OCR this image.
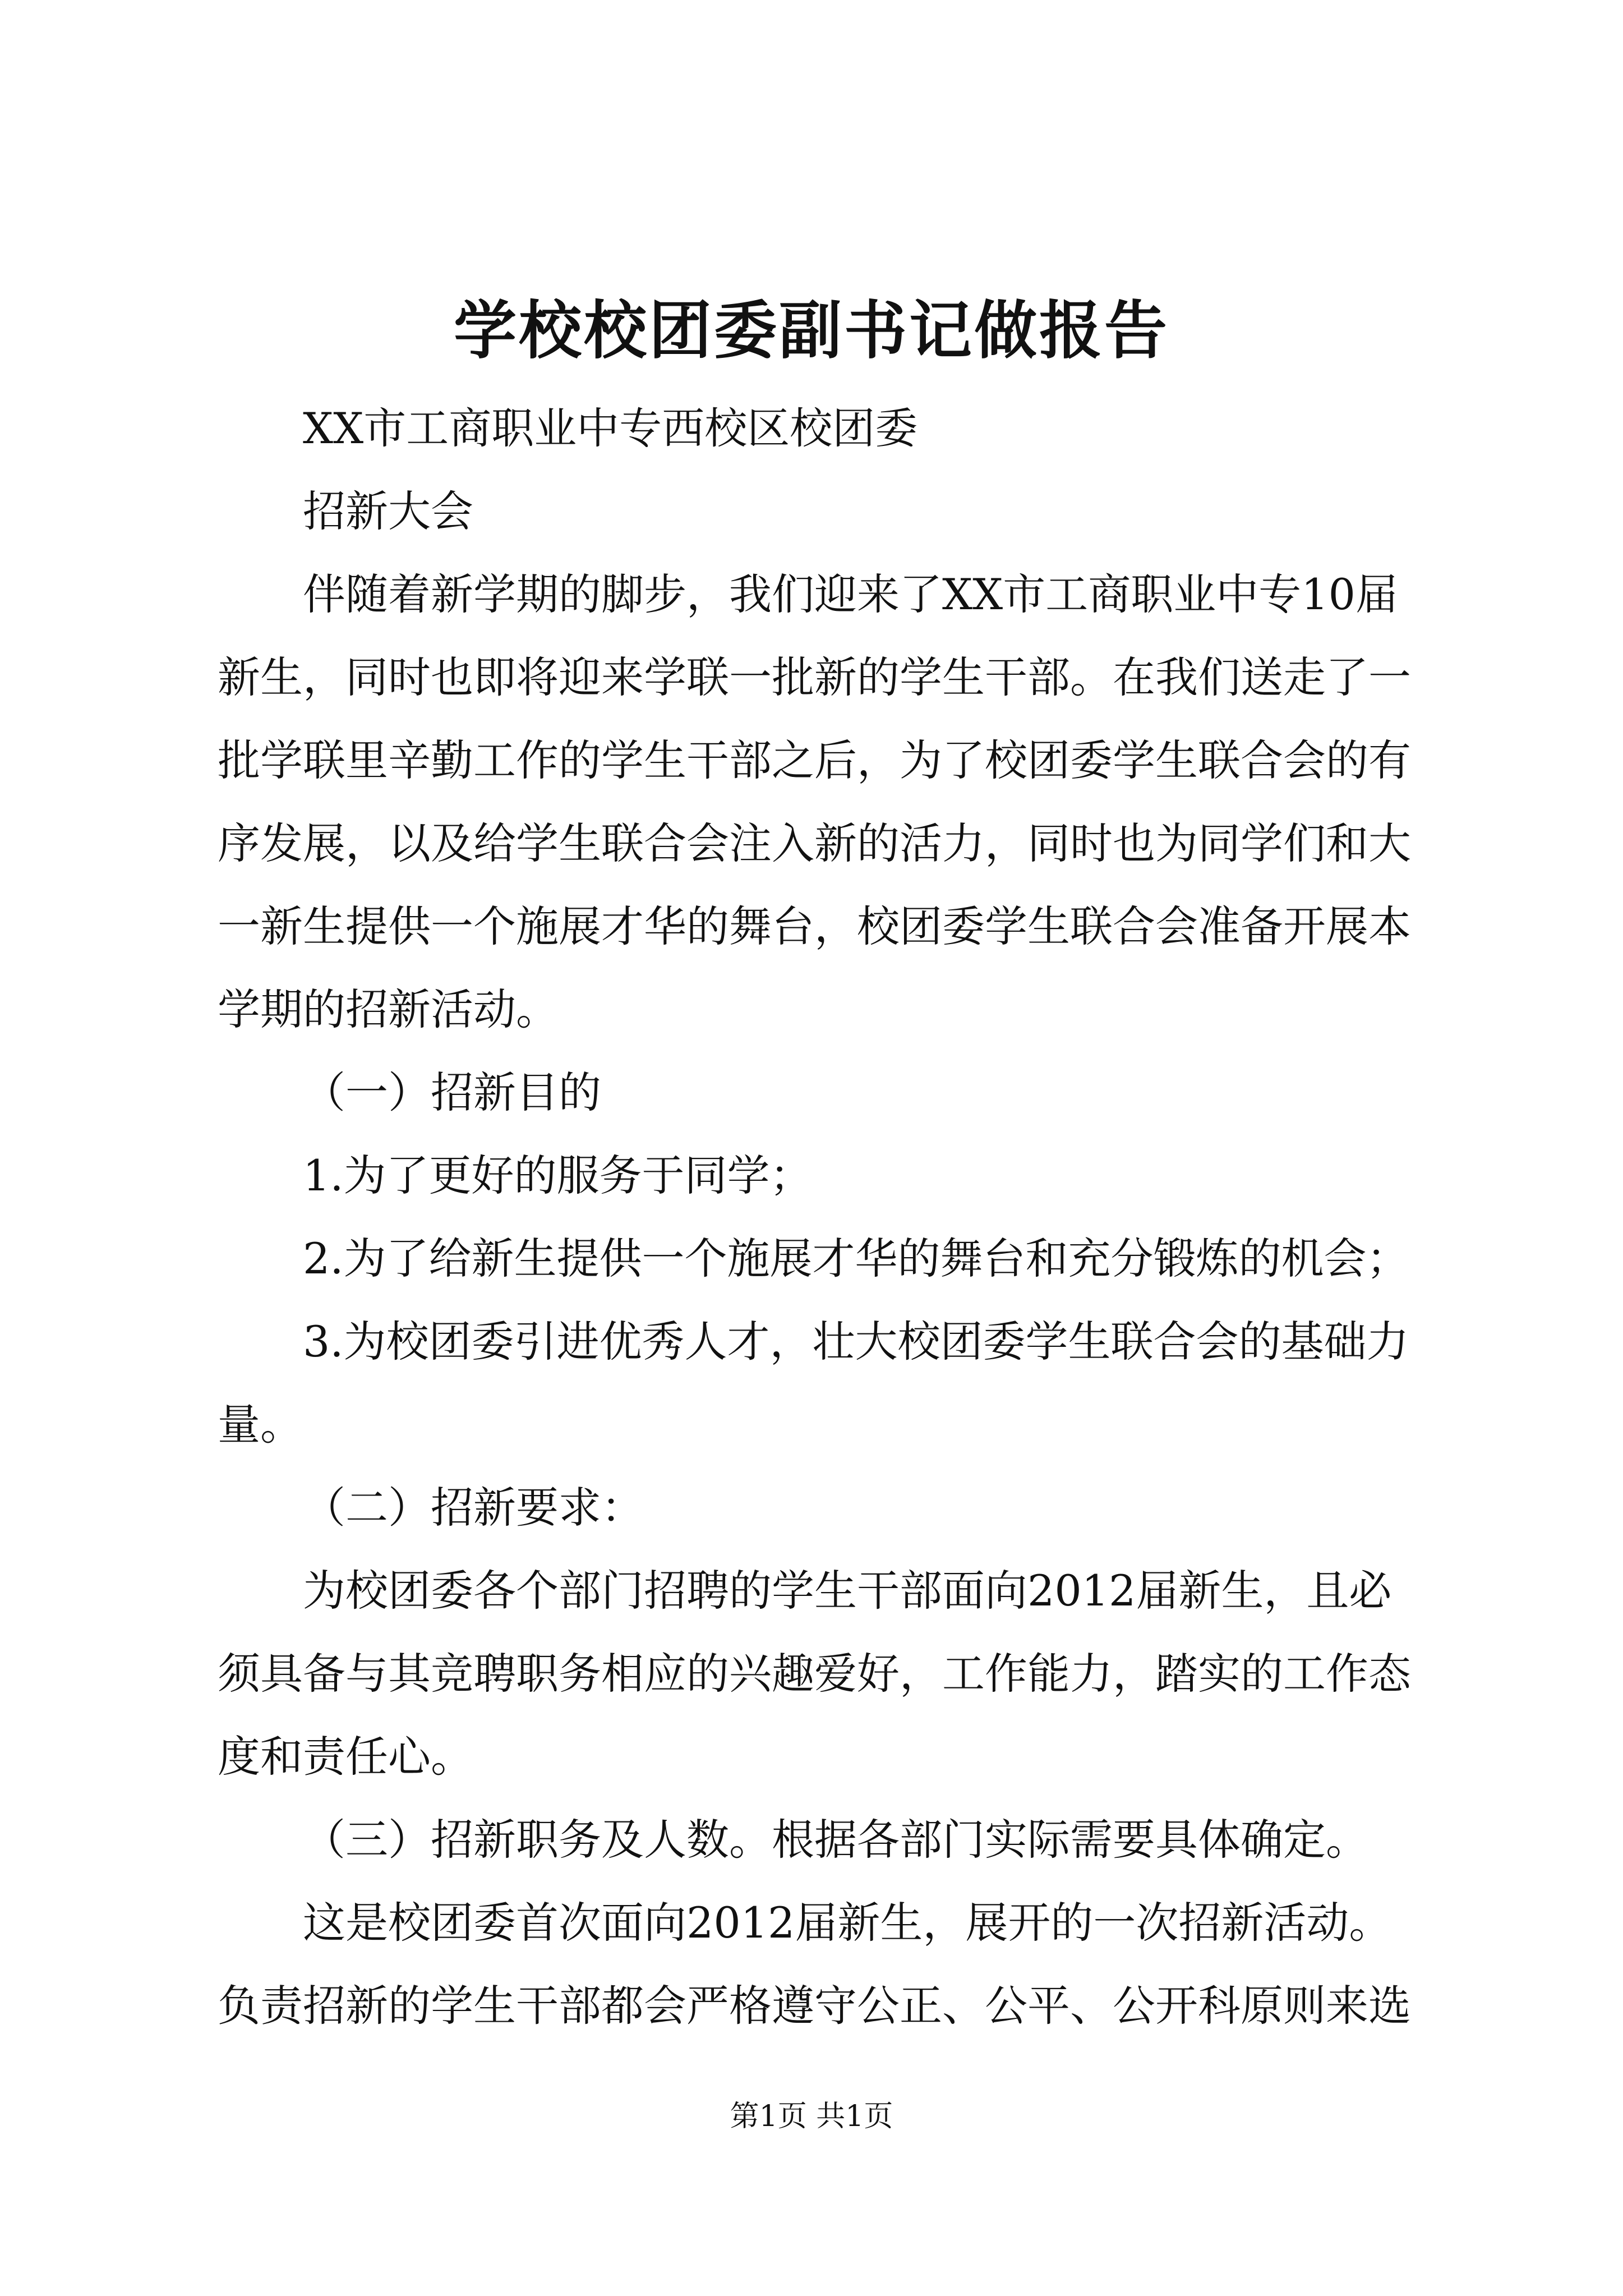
学校校团委副书记做报告
XX市工商职业中专西校区校团委
招新大会
伴随着新学期的脚步，我们迎来了XX市工商职业中专10届
新生，同时也即将迎来学联一批新的学生干部。在我们送走了一
批学联里辛勤工作的学生干部之后，为了校团委学生联合会的有
序发展，以及给学生联合会注入新的活力，同时也为同学们和大
一新生提供一个施展才华的舞台，校团委学生联合会准备开展本
学期的招新活动。
（一）招新目的
1.为了更好的服务于同学；
2.为了给新生提供一个施展才华的舞台和充分锻炼的机会；
3.为校团委引进优秀人才，壮大校团委学生联合会的基础力
量。
（二）招新要求：
为校团委各个部门招聘的学生干部面向2012届新生，且必
须具备与其竞聘职务相应的兴趣爱好，工作能力，踏实的工作态
度和责任心。
（三）招新职务及人数。根据各部门实际需要具体确定。
这是校团委首次面向2012届新生，展开的一次招新活动。
负责招新的学生干部都会严格遵守公正、公平、公开科原则来选
第1页 共1页
